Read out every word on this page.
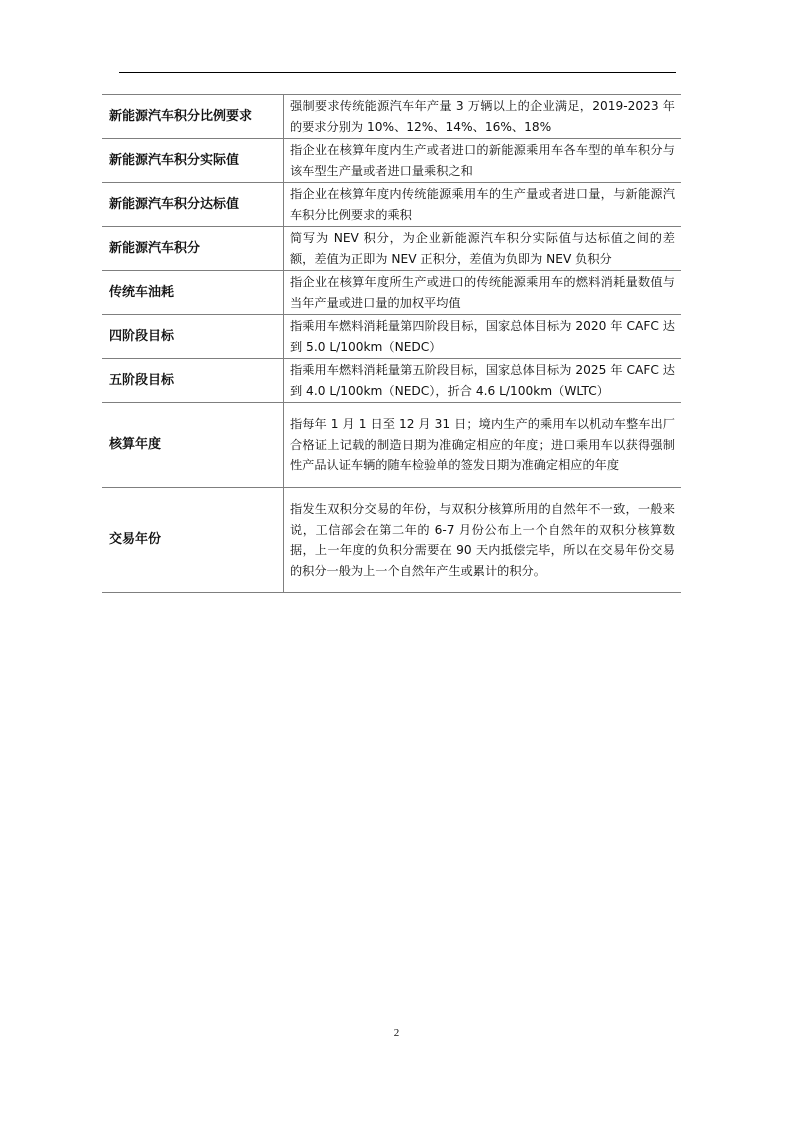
新能源汽车积分比例要求	强制要求传统能源汽车年产量 3 万辆以上的企业满足，2019-2023 年的要求分别为 10%、12%、14%、16%、18%
新能源汽车积分实际值	指企业在核算年度内生产或者进口的新能源乘用车各车型的单车积分与该车型生产量或者进口量乘积之和
新能源汽车积分达标值	指企业在核算年度内传统能源乘用车的生产量或者进口量，与新能源汽车积分比例要求的乘积
新能源汽车积分	简写为 NEV 积分，为企业新能源汽车积分实际值与达标值之间的差额，差值为正即为 NEV 正积分，差值为负即为 NEV 负积分
传统车油耗	指企业在核算年度所生产或进口的传统能源乘用车的燃料消耗量数值与当年产量或进口量的加权平均值
四阶段目标	指乘用车燃料消耗量第四阶段目标，国家总体目标为 2020 年 CAFC 达到 5.0 L/100km（NEDC）
五阶段目标	指乘用车燃料消耗量第五阶段目标，国家总体目标为 2025 年 CAFC 达到 4.0 L/100km（NEDC），折合 4.6 L/100km（WLTC）
核算年度	指每年 1 月 1 日至 12 月 31 日；境内生产的乘用车以机动车整车出厂合格证上记载的制造日期为准确定相应的年度；进口乘用车以获得强制性产品认证车辆的随车检验单的签发日期为准确定相应的年度
交易年份	指发生双积分交易的年份，与双积分核算所用的自然年不一致，一般来说，工信部会在第二年的 6-7 月份公布上一个自然年的双积分核算数据，上一年度的负积分需要在 90 天内抵偿完毕，所以在交易年份交易的积分一般为上一个自然年产生或累计的积分。
2
